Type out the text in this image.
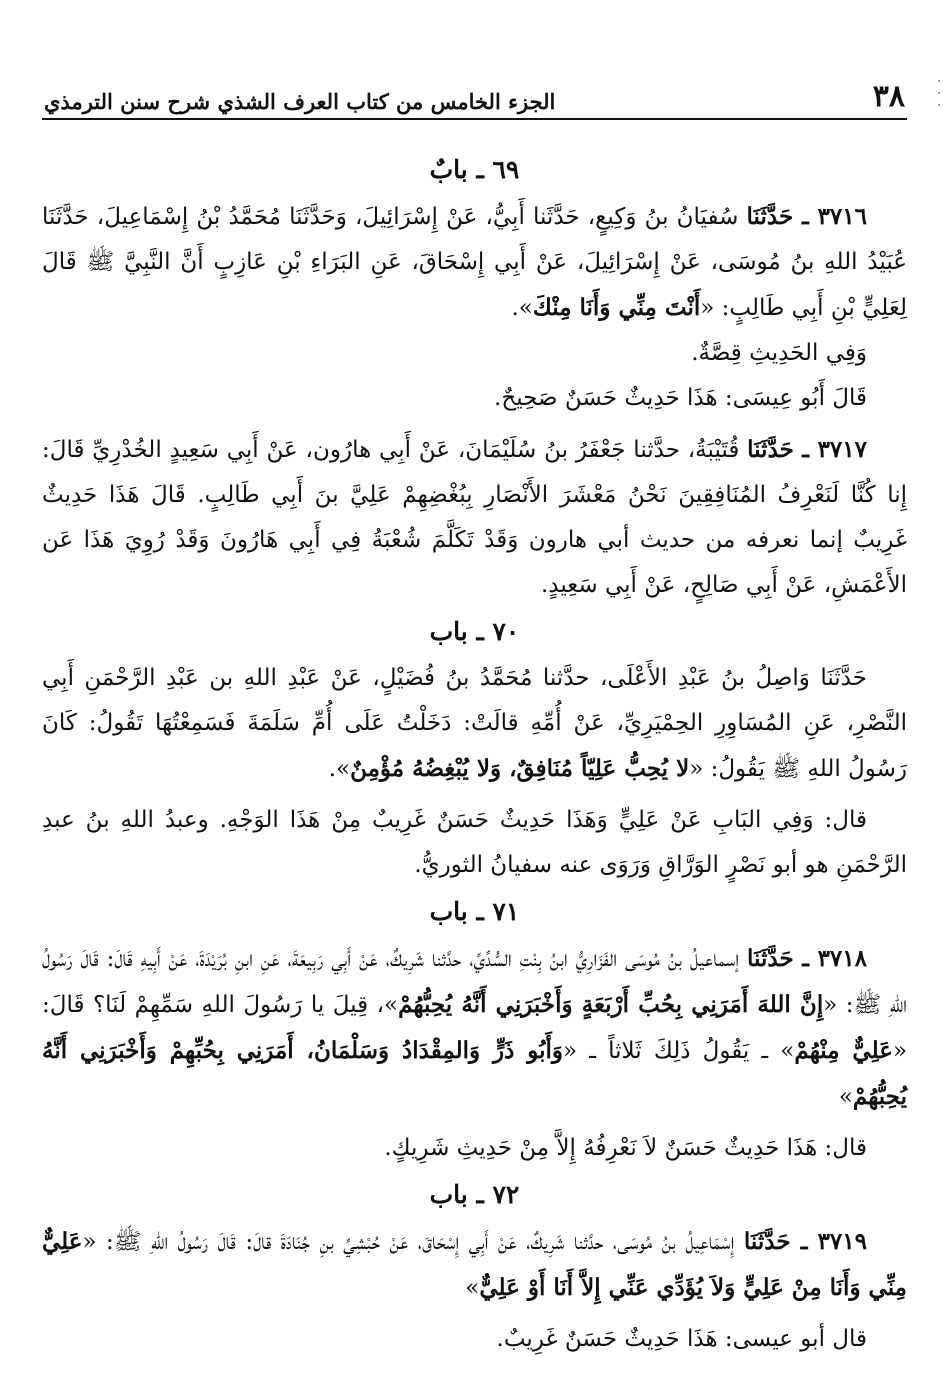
٣٨
الجزء الخامس من كتاب العرف الشذي شرح سنن الترمذي
٦٩ ـ بابٌ

٣٧١٦ ـ حَدَّثَنَا سُفيَانُ بنُ وَكِيعٍ، حَدَّثَنا أَبِيُّ، عَنْ إِسْرَائِيلَ، وَحَدَّثَنَا مُحَمَّدُ بْنُ إِسْمَاعِيلَ، حَدَّثَنَا عُبَيْدُ اللهِ بنُ مُوسَى، عَنْ إِسْرَائِيلَ، عَنْ أَبِي إِسْحَاقَ، عَنِ البَرَاءِ بْنِ عَازِبٍ أَنَّ النَّبِيَّ ﷺ قَالَ لِعَلِيٍّ بْنِ أَبِي طَالِبٍ: «أَنْتَ مِنِّي وَأَنَا مِنْكَ».

وَفِي الحَدِيثِ قِصَّةٌ.

قَالَ أَبُو عِيسَى: هَذَا حَدِيثٌ حَسَنٌ صَحِيحٌ.

٣٧١٧ ـ حَدَّثَنَا قُتَيْبَةُ، حدَّثنا جَعْفَرُ بنُ سُلَيْمَانَ، عَنْ أَبِي هارُون، عَنْ أَبِي سَعِيدٍ الخُدْرِيِّ قَالَ: إِنا كُنَّا لَنَعْرِفُ المُنَافِقِينَ نَحْنُ مَعْشَرَ الأَنْصَارِ بِبُغْضِهِمْ عَلِيَّ بنَ أَبِي طَالِبٍ. قَالَ هَذَا حَدِيثٌ غَرِيبٌ إنما نعرفه من حديث أبي هارون وَقَدْ تَكَلَّمَ شُعْبَةُ فِي أَبِي هَارُونَ وَقَدْ رُوِيَ هَذَا عَن الأَعْمَشِ، عَنْ أَبِي صَالِحٍ، عَنْ أَبِي سَعِيدٍ.

٧٠ ـ باب

حَدَّثَنَا وَاصِلُ بنُ عَبْدِ الأَعْلَى، حدَّثنا مُحَمَّدُ بنُ فُضَيْلٍ، عَنْ عَبْدِ اللهِ بن عَبْدِ الرَّحْمَنِ أَبِي النَّصْرِ، عَنِ المُسَاوِرِ الحِمْيَرِيِّ، عَنْ أُمِّهِ قالَتْ: دَخَلْتُ عَلَى أُمِّ سَلَمَةَ فَسَمِعْتُهَا تَقُولُ: كَانَ رَسُولُ اللهِ ﷺ يَقُولُ: «لا يُحِبُّ عَلِيّاً مُنَافِقٌ، وَلا يُبْغِضُهُ مُؤْمِنٌ».

قال: وَفِي البَابِ عَنْ عَلِيٍّ وَهَذَا حَدِيثٌ حَسَنٌ غَرِيبٌ مِنْ هَذَا الوَجْهِ. وعبدُ اللهِ بنُ عبدِ الرَّحْمَنِ هو أبو نَصْرٍ الوَرَّاقِ وَرَوَى عنه سفيانُ الثوريُّ.

٧١ ـ باب

٣٧١٨ ـ حَدَّثَنَا إسماعيلُ بنُ مُوسَى الفَزَارِيُّ ابنُ بِنْتِ السُّدِّيِّ، حدَّثنا شَرِيكٌ، عَنْ أَبِي رَبِيعَةَ، عَنِ ابنِ بُرَيْدَةَ، عَنْ أَبِيهِ قَالَ: قَالَ رَسُولُ اللهِ ﷺ: «إِنَّ اللهَ أَمَرَنِي بِحُبِّ أَرْبَعَةٍ وَأَخْبَرَنِي أَنَّهُ يُحِبُّهُمْ»، قِيلَ يا رَسُولَ اللهِ سَمِّهِمْ لَنَا؟ قَالَ: «عَلِيٌّ مِنْهُمْ» ـ يَقُولُ ذَلِكَ ثَلاثاً ـ «وَأَبُو ذَرٍّ وَالمِقْدَادُ وَسَلْمَانُ، أَمَرَنِي بِحُبِّهِمْ وَأَخْبَرَنِي أَنَّهُ يُحِبُّهُمْ»

قال: هَذَا حَدِيثٌ حَسَنٌ لاَ نَعْرِفُهُ إِلاَّ مِنْ حَدِيثِ شَرِيكٍ.

٧٢ ـ باب

٣٧١٩ ـ حَدَّثَنَا إِسْمَاعِيلُ بنُ مُوسَى، حدَّثنا شَرِيكٌ، عَنْ أَبِي إِسْحَاقَ، عَنْ حُبْشِيِّ بنِ جُنَادَةَ قالَ: قَالَ رَسُولُ اللهِ ﷺ: «عَلِيٌّ مِنِّي وَأَنَا مِنْ عَلِيٍّ وَلاَ يُؤَدِّي عَنِّي إِلاَّ أَنَا أَوْ عَلِيٌّ»

قال أبو عيسى: هَذَا حَدِيثٌ حَسَنٌ غَرِيبٌ.
